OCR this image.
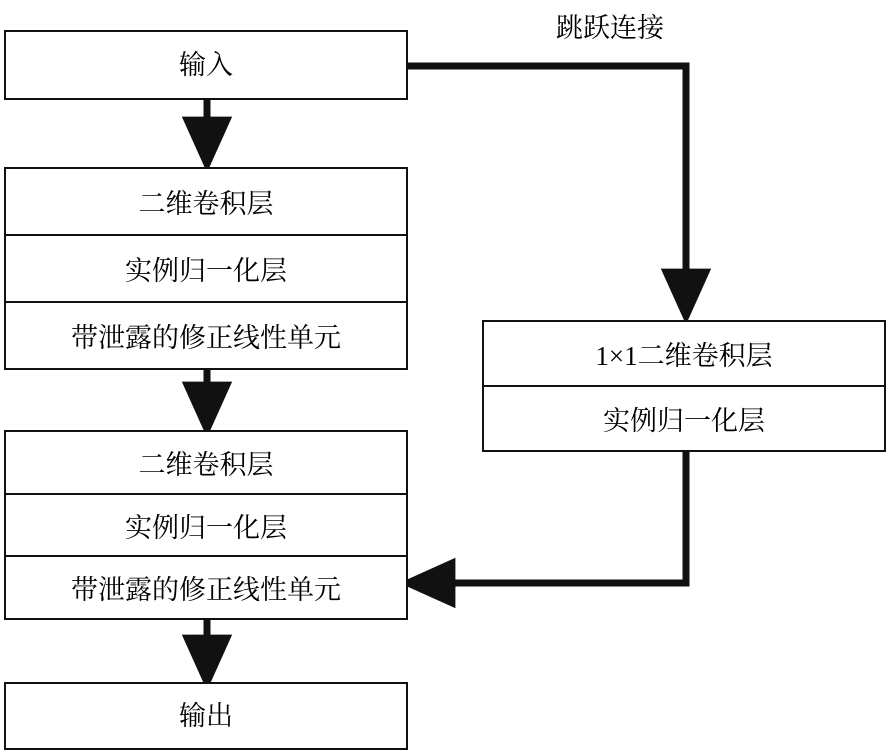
输入
二维卷积层
实例归一化层
带泄露的修正线性单元
二维卷积层
实例归一化层
带泄露的修正线性单元
1×1二维卷积层
实例归一化层
输出
跳跃连接
